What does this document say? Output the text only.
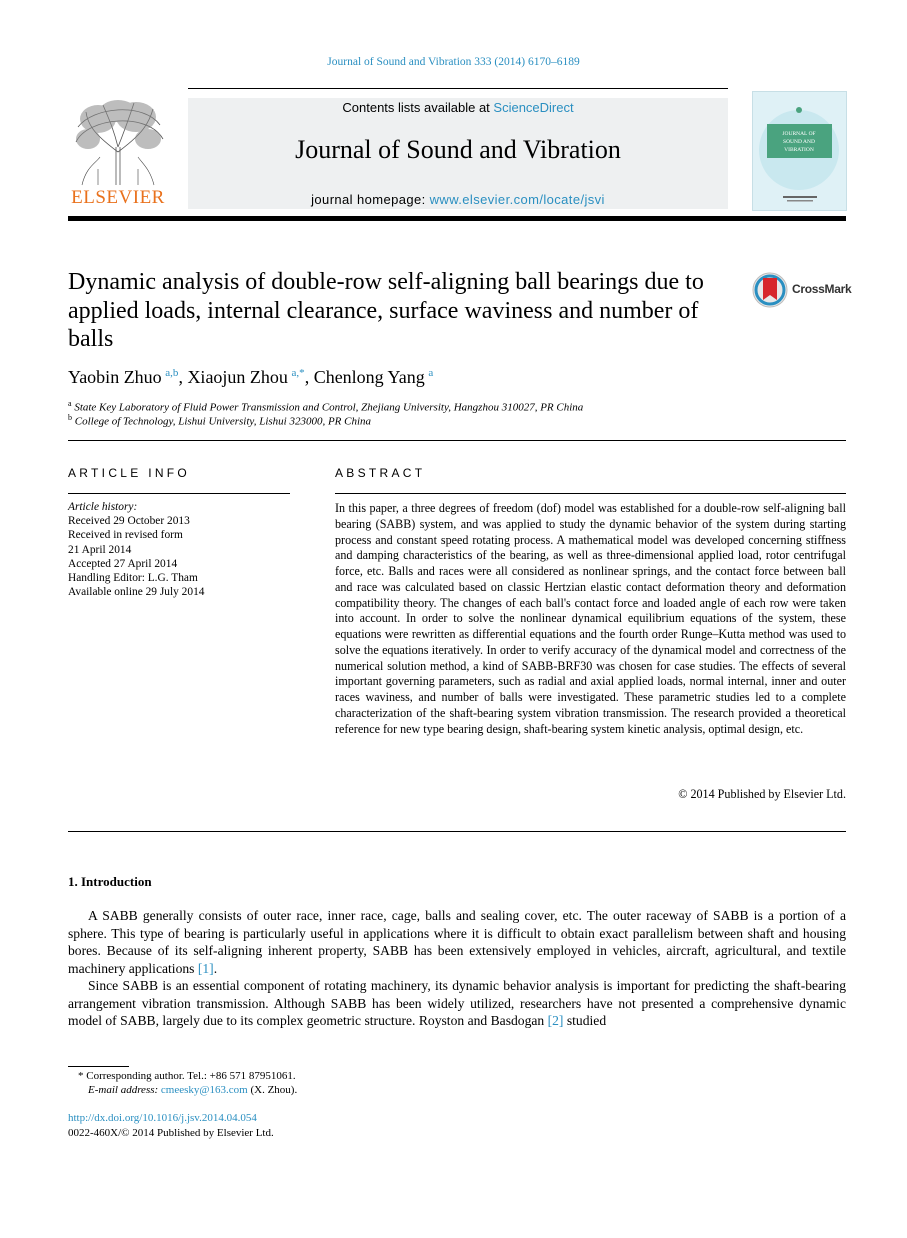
Journal of Sound and Vibration 333 (2014) 6170–6189
ELSEVIER
Contents lists available at ScienceDirect
Journal of Sound and Vibration
journal homepage: www.elsevier.com/locate/jsvi
JOURNAL OF
SOUND AND
VIBRATION
Dynamic analysis of double-row self-aligning ball bearings due to applied loads, internal clearance, surface waviness and number of balls
CrossMark
Yaobin Zhuo  $^{a,b}$, Xiaojun Zhou  $^{a,*}$, Chenlong Yang  $^a$
$^a$ State Key Laboratory of Fluid Power Transmission and Control, Zhejiang University, Hangzhou 310027, PR China
$^b$ College of Technology, Lishui University, Lishui 323000, PR China
ARTICLE INFO
Article history:
Received 29 October 2013
Received in revised form
21 April 2014
Accepted 27 April 2014
Handling Editor: L.G. Tham
Available online 29 July 2014
ABSTRACT
In this paper, a three degrees of freedom (dof) model was established for a double-row self-aligning ball bearing (SABB) system, and was applied to study the dynamic behavior of the system during starting process and constant speed rotating process. A mathematical model was developed concerning stiffness and damping characteristics of the bearing, as well as three-dimensional applied load, rotor centrifugal force, etc. Balls and races were all considered as nonlinear springs, and the contact force between ball and race was calculated based on classic Hertzian elastic contact deformation theory and deformation compatibility theory. The changes of each ball's contact force and loaded angle of each row were taken into account. In order to solve the nonlinear dynamical equilibrium equations of the system, these equations were rewritten as differential equations and the fourth order Runge–Kutta method was used to solve the equations iteratively. In order to verify accuracy of the dynamical model and correctness of the numerical solution method, a kind of SABB-BRF30 was chosen for case studies. The effects of several important governing parameters, such as radial and axial applied loads, normal internal, inner and outer races waviness, and number of balls were investigated. These parametric studies led to a complete characterization of the shaft-bearing system vibration transmission. The research provided a theoretical reference for new type bearing design, shaft-bearing system kinetic analysis, optimal design, etc.
© 2014 Published by Elsevier Ltd.
1. Introduction
A SABB generally consists of outer race, inner race, cage, balls and sealing cover, etc. The outer raceway of SABB is a portion of a sphere. This type of bearing is particularly useful in applications where it is difficult to obtain exact parallelism between shaft and housing bores. Because of its self-aligning inherent property, SABB has been extensively employed in vehicles, aircraft, agricultural, and textile machinery applications [1].
Since SABB is an essential component of rotating machinery, its dynamic behavior analysis is important for predicting the shaft-bearing arrangement vibration transmission. Although SABB has been widely utilized, researchers have not presented a comprehensive dynamic model of SABB, largely due to its complex geometric structure. Royston and Basdogan [2] studied
* Corresponding author. Tel.: +86 571 87951061.
E-mail address: cmeesky@163.com (X. Zhou).
http://dx.doi.org/10.1016/j.jsv.2014.04.054
0022-460X/© 2014 Published by Elsevier Ltd.
